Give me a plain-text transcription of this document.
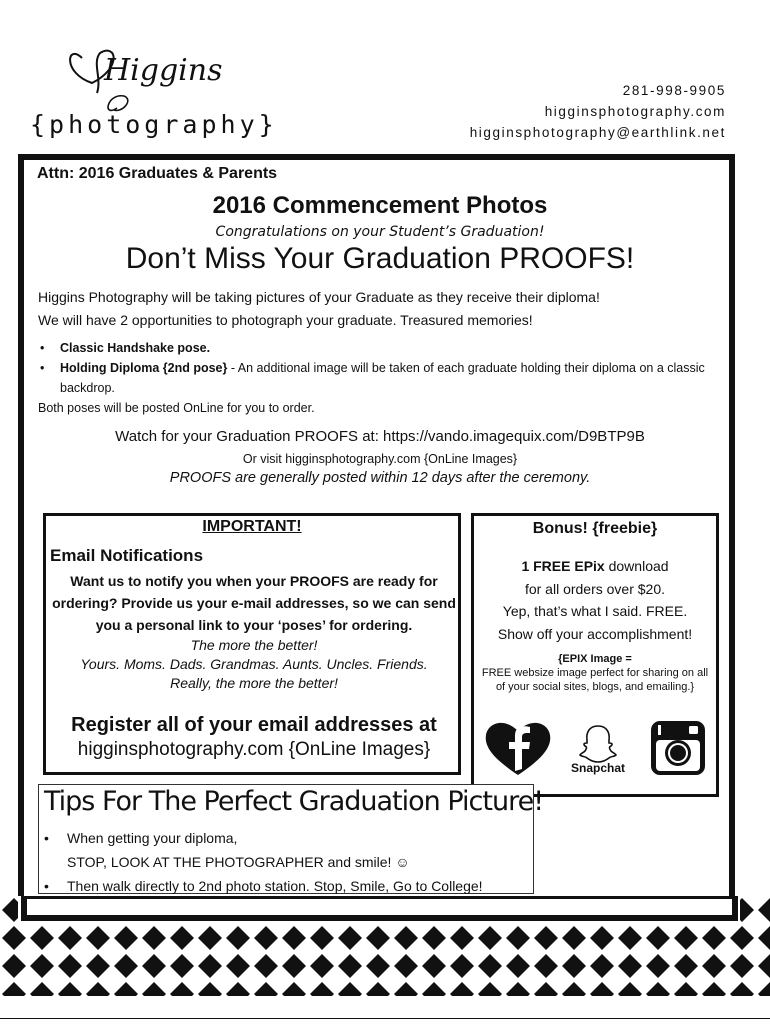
Higgins
{photography}
281-998-9905
higginsphotography.com
higginsphotography@earthlink.net
Attn: 2016 Graduates & Parents
2016 Commencement Photos
Congratulations on your Student’s Graduation!
Don’t Miss Your Graduation PROOFS!
Higgins Photography will be taking pictures of your Graduate as they receive their diploma!
We will have 2 opportunities to photograph your graduate. Treasured memories!
• Classic Handshake pose.
• Holding Diploma {2nd pose} - An additional image will be taken of each graduate holding their diploma on a classic backdrop.
Both poses will be posted OnLine for you to order.
Watch for your Graduation PROOFS at: https://vando.imagequix.com/D9BTP9B
Or visit higginsphotography.com {OnLine Images}
PROOFS are generally posted within 12 days after the ceremony.
IMPORTANT!
Email Notifications
Want us to notify you when your PROOFS are ready for ordering? Provide us your e-mail addresses, so we can send you a personal link to your ‘poses’ for ordering.
The more the better!
Yours. Moms. Dads. Grandmas. Aunts. Uncles. Friends.
Really, the more the better!
Register all of your email addresses at
higginsphotography.com {OnLine Images}
Bonus! {freebie}
1 FREE EPix download
for all orders over $20.
Yep, that’s what I said. FREE.
Show off your accomplishment!
{EPIX Image =
FREE websize image perfect for sharing on all of your social sites, blogs, and emailing.}
Snapchat
Tips For The Perfect Graduation Picture!
• When getting your diploma,
STOP, LOOK AT THE PHOTOGRAPHER and smile! ☺
• Then walk directly to 2nd photo station. Stop, Smile, Go to College!
